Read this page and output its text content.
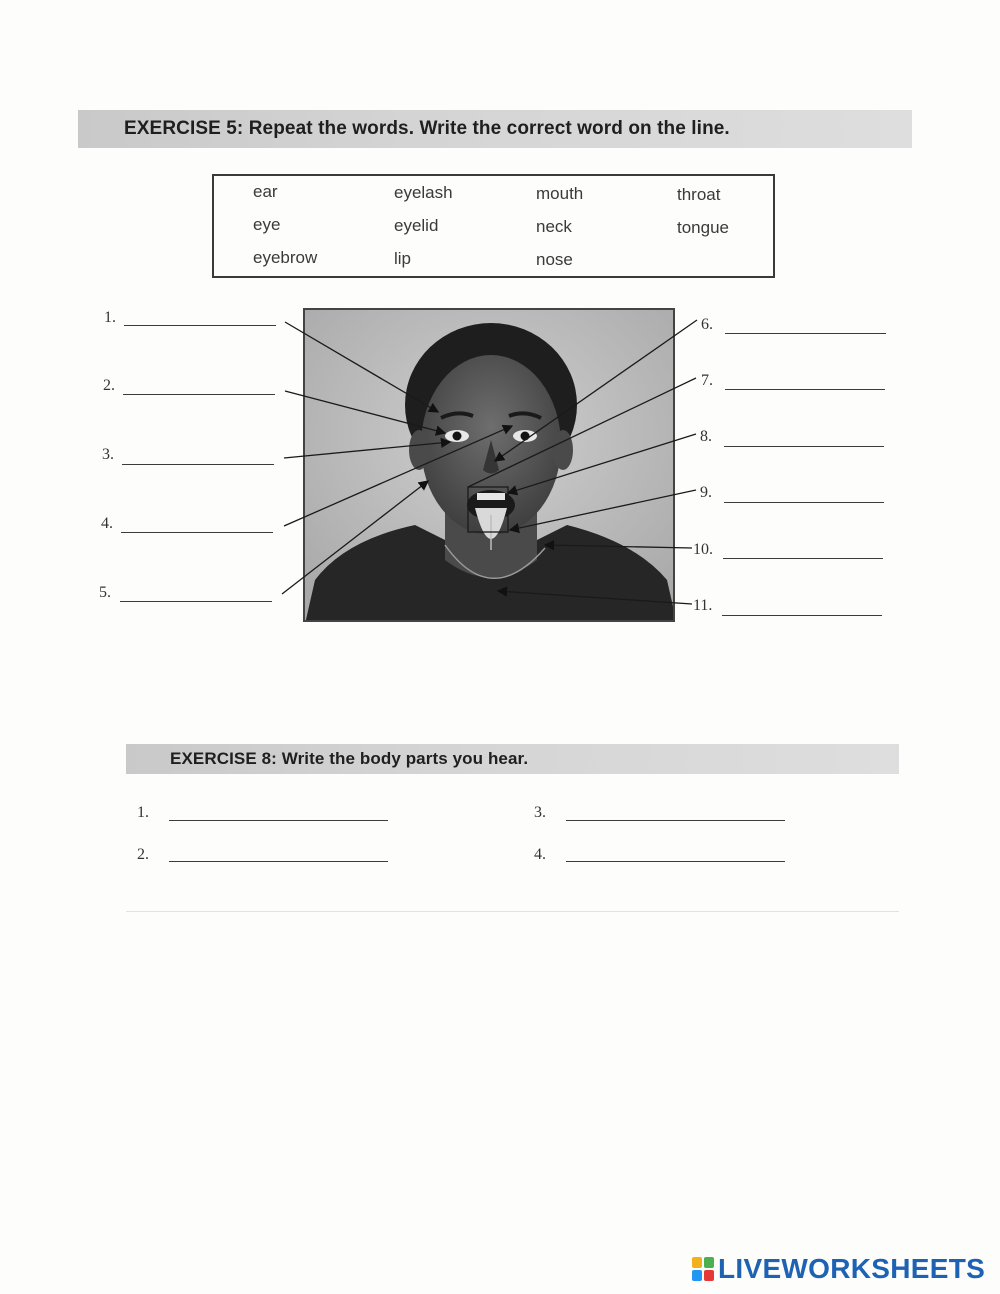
EXERCISE 5: Repeat the words. Write the correct word on the line.
ear	eyelash	mouth	throat
eye	eyelid	neck	tongue
eyebrow	lip	nose
1.
2.
3.
4.
5.
6.
7.
8.
9.
10.
11.
EXERCISE 8: Write the body parts you hear.
1.
2.
3.
4.
LIVEWORKSHEETS
